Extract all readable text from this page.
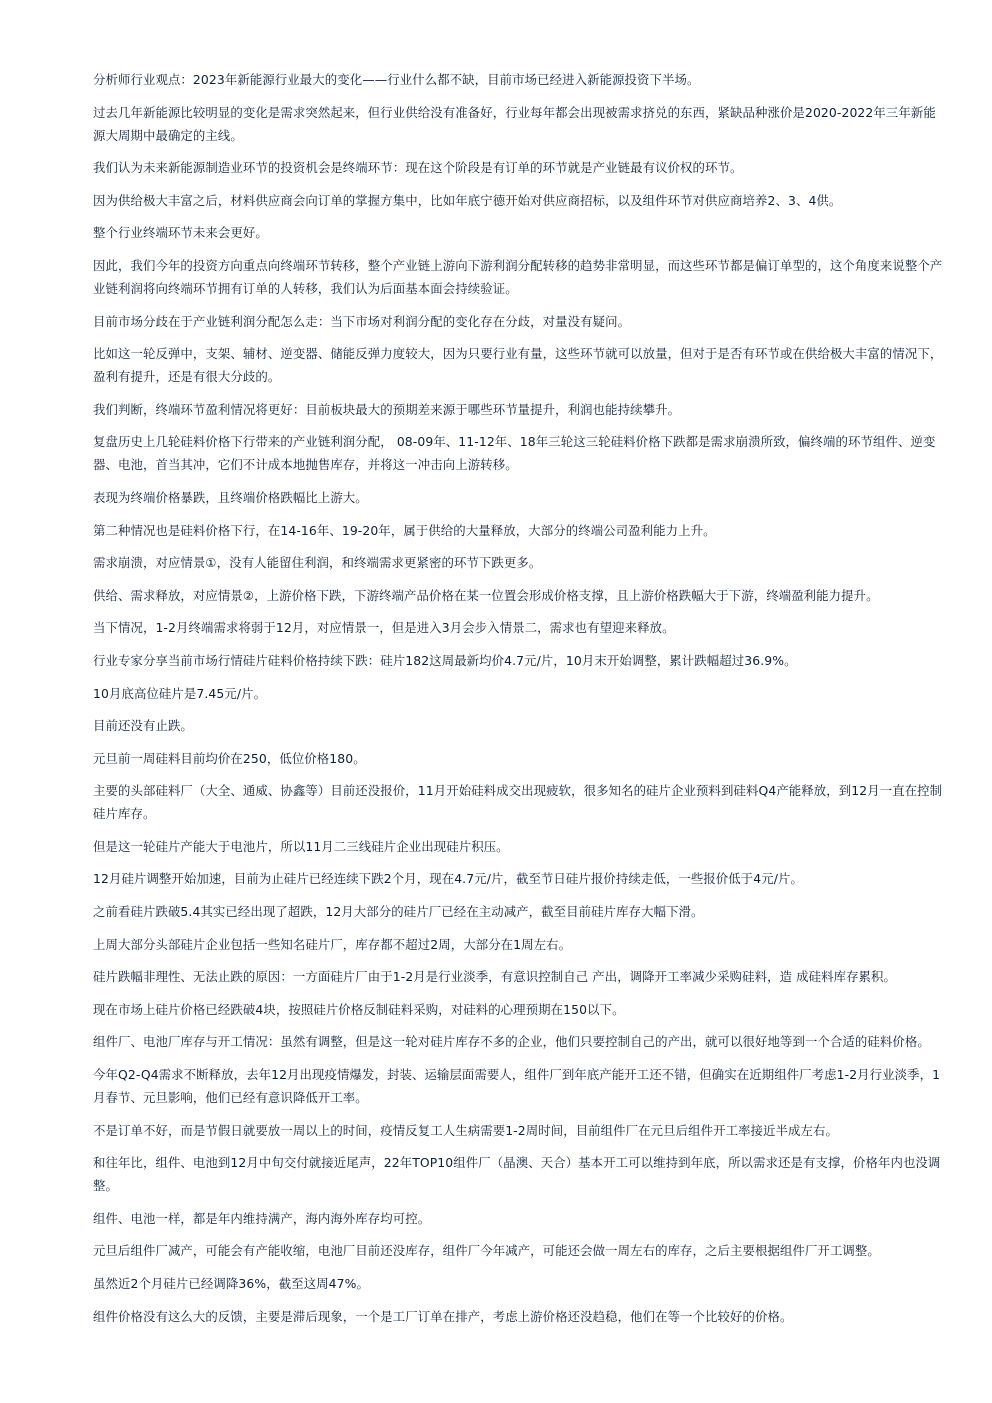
分析师行业观点：2023年新能源行业最大的变化——行业什么都不缺，目前市场已经进入新能源投资下半场。

过去几年新能源比较明显的变化是需求突然起来，但行业供给没有准备好，行业每年都会出现被需求挤兑的东西，紧缺品种涨价是2020-2022年三年新能源大周期中最确定的主线。

我们认为未来新能源制造业环节的投资机会是终端环节：现在这个阶段是有订单的环节就是产业链最有议价权的环节。

因为供给极大丰富之后，材料供应商会向订单的掌握方集中，比如年底宁德开始对供应商招标，以及组件环节对供应商培养2、3、4供。

整个行业终端环节未来会更好。

因此，我们今年的投资方向重点向终端环节转移，整个产业链上游向下游利润分配转移的趋势非常明显，而这些环节都是偏订单型的，这个角度来说整个产业链利润将向终端环节拥有订单的人转移，我们认为后面基本面会持续验证。

目前市场分歧在于产业链利润分配怎么走：当下市场对利润分配的变化存在分歧，对量没有疑问。

比如这一轮反弹中，支架、辅材、逆变器、储能反弹力度较大，因为只要行业有量，这些环节就可以放量，但对于是否有环节或在供给极大丰富的情况下，盈利有提升，还是有很大分歧的。

我们判断，终端环节盈利情况将更好：目前板块最大的预期差来源于哪些环节量提升，利润也能持续攀升。

复盘历史上几轮硅料价格下行带来的产业链利润分配， 08-09年、11-12年、18年三轮这三轮硅料价格下跌都是需求崩溃所致，偏终端的环节组件、逆变器、电池，首当其冲，它们不计成本地抛售库存，并将这一冲击向上游转移。

表现为终端价格暴跌，且终端价格跌幅比上游大。

第二种情况也是硅料价格下行，在14-16年、19-20年，属于供给的大量释放，大部分的终端公司盈利能力上升。

需求崩溃，对应情景①，没有人能留住利润，和终端需求更紧密的环节下跌更多。

供给、需求释放，对应情景②，上游价格下跌，下游终端产品价格在某一位置会形成价格支撑，且上游价格跌幅大于下游，终端盈利能力提升。

当下情况，1-2月终端需求将弱于12月，对应情景一，但是进入3月会步入情景二，需求也有望迎来释放。

行业专家分享当前市场行情硅片硅料价格持续下跌：硅片182这周最新均价4.7元/片，10月末开始调整，累计跌幅超过36.9%。

10月底高位硅片是7.45元/片。

目前还没有止跌。

元旦前一周硅料目前均价在250，低位价格180。

主要的头部硅料厂（大全、通威、协鑫等）目前还没报价，11月开始硅料成交出现疲软，很多知名的硅片企业预料到硅料Q4产能释放，到12月一直在控制硅片库存。

但是这一轮硅片产能大于电池片，所以11月二三线硅片企业出现硅片积压。

12月硅片调整开始加速，目前为止硅片已经连续下跌2个月，现在4.7元/片，截至节日硅片报价持续走低，一些报价低于4元/片。

之前看硅片跌破5.4其实已经出现了超跌，12月大部分的硅片厂已经在主动减产，截至目前硅片库存大幅下滑。

上周大部分头部硅片企业包括一些知名硅片厂，库存都不超过2周，大部分在1周左右。

硅片跌幅非理性、无法止跌的原因：一方面硅片厂由于1-2月是行业淡季，有意识控制自己 产出，调降开工率减少采购硅料，造 成硅料库存累积。

现在市场上硅片价格已经跌破4块，按照硅片价格反制硅料采购，对硅料的心理预期在150以下。

组件厂、电池厂库存与开工情况：虽然有调整，但是这一轮对硅片库存不多的企业，他们只要控制自己的产出，就可以很好地等到一个合适的硅料价格。

今年Q2-Q4需求不断释放，去年12月出现疫情爆发，封装、运输层面需要人，组件厂到年底产能开工还不错，但确实在近期组件厂考虑1-2月行业淡季，1月春节、元旦影响，他们已经有意识降低开工率。

不是订单不好，而是节假日就要放一周以上的时间，疫情反复工人生病需要1-2周时间，目前组件厂在元旦后组件开工率接近半成左右。

和往年比，组件、电池到12月中旬交付就接近尾声，22年TOP10组件厂（晶澳、天合）基本开工可以维持到年底，所以需求还是有支撑，价格年内也没调整。

组件、电池一样，都是年内维持满产，海内海外库存均可控。

元旦后组件厂减产，可能会有产能收缩，电池厂目前还没库存，组件厂今年减产，可能还会做一周左右的库存，之后主要根据组件厂开工调整。

虽然近2个月硅片已经调降36%，截至这周47%。

组件价格没有这么大的反馈，主要是滞后现象，一个是工厂订单在排产，考虑上游价格还没趋稳，他们在等一个比较好的价格。
